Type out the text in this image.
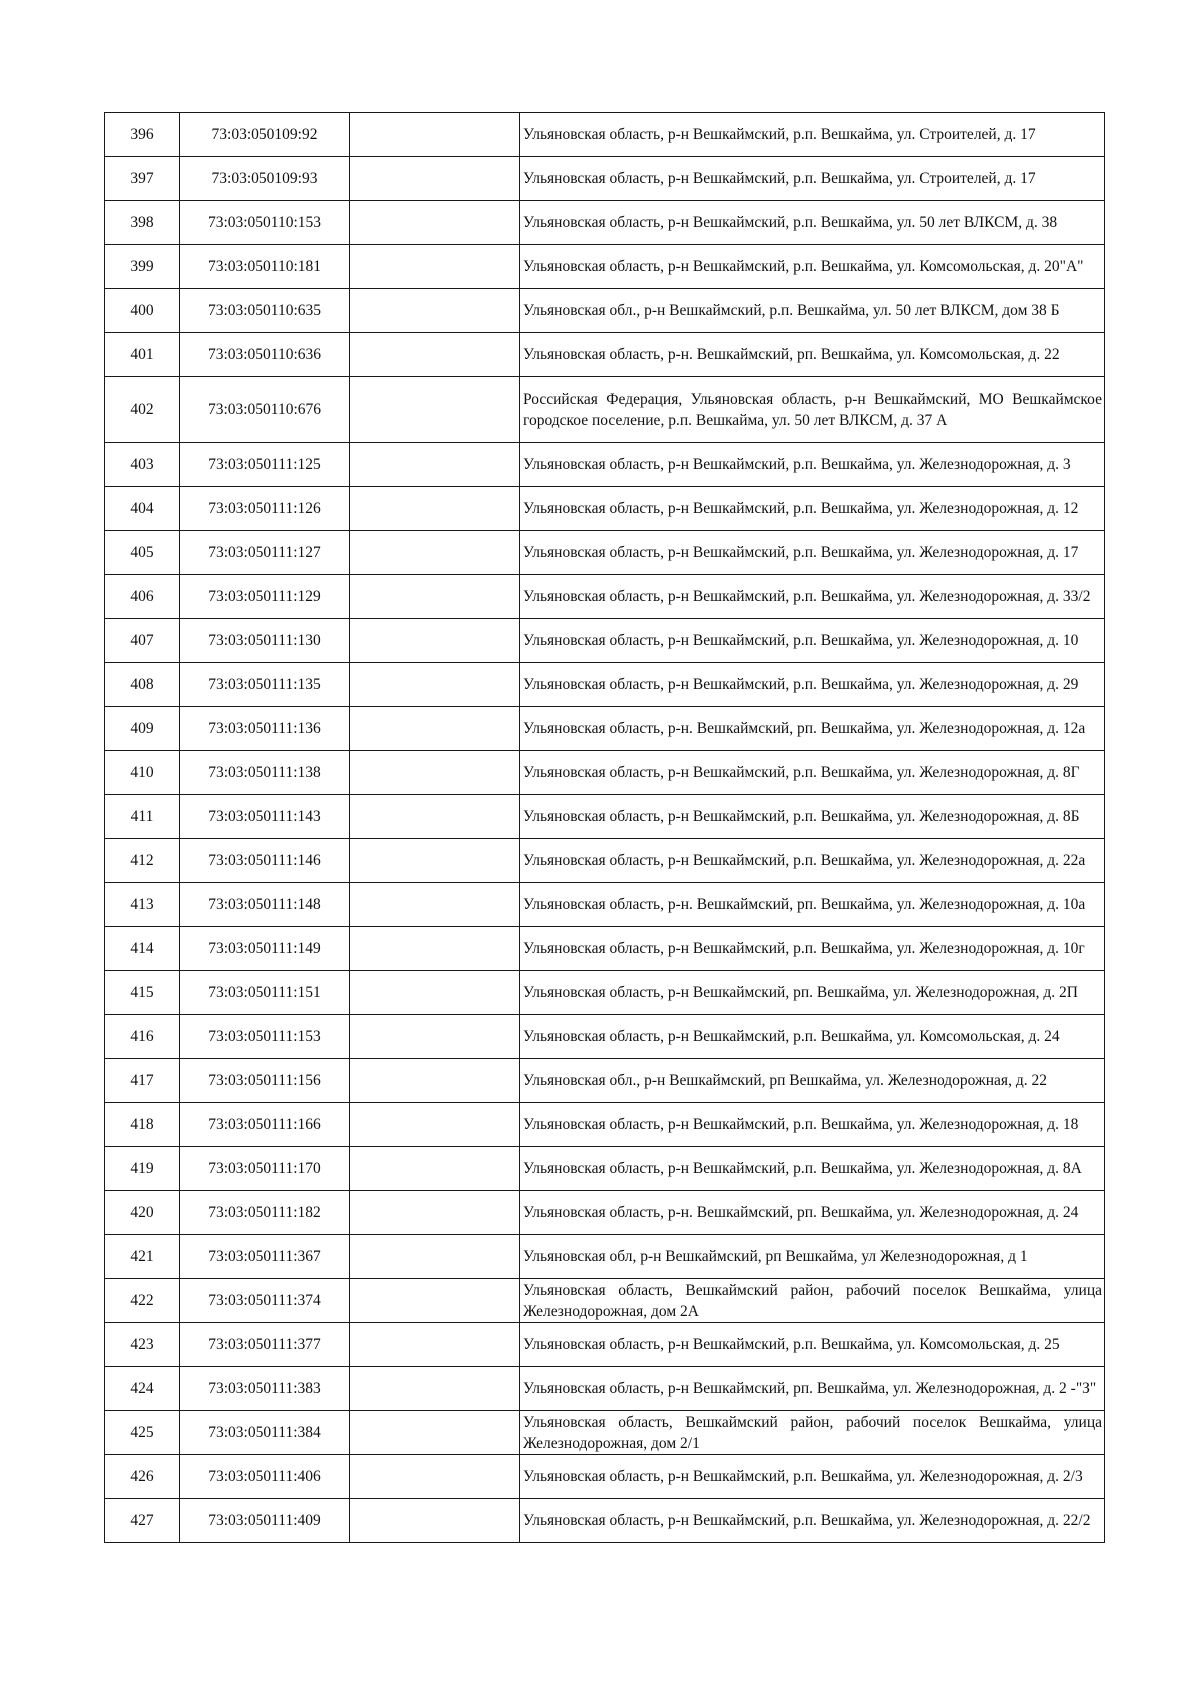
396	73:03:050109:92		Ульяновская область, р-н Вешкаймский, р.п. Вешкайма, ул. Строителей, д. 17
397	73:03:050109:93		Ульяновская область, р-н Вешкаймский, р.п. Вешкайма, ул. Строителей, д. 17
398	73:03:050110:153		Ульяновская область, р-н Вешкаймский, р.п. Вешкайма, ул. 50 лет ВЛКСМ, д. 38
399	73:03:050110:181		Ульяновская область, р-н Вешкаймский, р.п. Вешкайма, ул. Комсомольская, д. 20"А"
400	73:03:050110:635		Ульяновская обл., р-н Вешкаймский, р.п. Вешкайма, ул. 50 лет ВЛКСМ, дом 38 Б
401	73:03:050110:636		Ульяновская область, р-н. Вешкаймский, рп. Вешкайма, ул. Комсомольская, д. 22
402	73:03:050110:676		Российская Федерация, Ульяновская область, р-н Вешкаймский, МО Вешкаймское городское поселение, р.п. Вешкайма, ул. 50 лет ВЛКСМ, д. 37 А
403	73:03:050111:125		Ульяновская область, р-н Вешкаймский, р.п. Вешкайма, ул. Железнодорожная, д. 3
404	73:03:050111:126		Ульяновская область, р-н Вешкаймский, р.п. Вешкайма, ул. Железнодорожная, д. 12
405	73:03:050111:127		Ульяновская область, р-н Вешкаймский, р.п. Вешкайма, ул. Железнодорожная, д. 17
406	73:03:050111:129		Ульяновская область, р-н Вешкаймский, р.п. Вешкайма, ул. Железнодорожная, д. 33/2
407	73:03:050111:130		Ульяновская область, р-н Вешкаймский, р.п. Вешкайма, ул. Железнодорожная, д. 10
408	73:03:050111:135		Ульяновская область, р-н Вешкаймский, р.п. Вешкайма, ул. Железнодорожная, д. 29
409	73:03:050111:136		Ульяновская область, р-н. Вешкаймский, рп. Вешкайма, ул. Железнодорожная, д. 12а
410	73:03:050111:138		Ульяновская область, р-н Вешкаймский, р.п. Вешкайма, ул. Железнодорожная, д. 8Г
411	73:03:050111:143		Ульяновская область, р-н Вешкаймский, р.п. Вешкайма, ул. Железнодорожная, д. 8Б
412	73:03:050111:146		Ульяновская область, р-н Вешкаймский, р.п. Вешкайма, ул. Железнодорожная, д. 22а
413	73:03:050111:148		Ульяновская область, р-н. Вешкаймский, рп. Вешкайма, ул. Железнодорожная, д. 10а
414	73:03:050111:149		Ульяновская область, р-н Вешкаймский, р.п. Вешкайма, ул. Железнодорожная, д. 10г
415	73:03:050111:151		Ульяновская область, р-н Вешкаймский, рп. Вешкайма, ул. Железнодорожная, д. 2П
416	73:03:050111:153		Ульяновская область, р-н Вешкаймский, р.п. Вешкайма, ул. Комсомольская, д. 24
417	73:03:050111:156		Ульяновская обл., р-н Вешкаймский, рп Вешкайма, ул. Железнодорожная, д. 22
418	73:03:050111:166		Ульяновская область, р-н Вешкаймский, р.п. Вешкайма, ул. Железнодорожная, д. 18
419	73:03:050111:170		Ульяновская область, р-н Вешкаймский, р.п. Вешкайма, ул. Железнодорожная, д. 8А
420	73:03:050111:182		Ульяновская область, р-н. Вешкаймский, рп. Вешкайма, ул. Железнодорожная, д. 24
421	73:03:050111:367		Ульяновская обл, р-н Вешкаймский, рп Вешкайма, ул Железнодорожная, д 1
422	73:03:050111:374		Ульяновская область, Вешкаймский район, рабочий поселок Вешкайма, улица Железнодорожная, дом 2А
423	73:03:050111:377		Ульяновская область, р-н Вешкаймский, р.п. Вешкайма, ул. Комсомольская, д. 25
424	73:03:050111:383		Ульяновская область, р-н Вешкаймский, рп. Вешкайма, ул. Железнодорожная, д. 2 -"З"
425	73:03:050111:384		Ульяновская область, Вешкаймский район, рабочий поселок Вешкайма, улица Железнодорожная, дом 2/1
426	73:03:050111:406		Ульяновская область, р-н Вешкаймский, р.п. Вешкайма, ул. Железнодорожная, д. 2/3
427	73:03:050111:409		Ульяновская область, р-н Вешкаймский, р.п. Вешкайма, ул. Железнодорожная, д. 22/2
